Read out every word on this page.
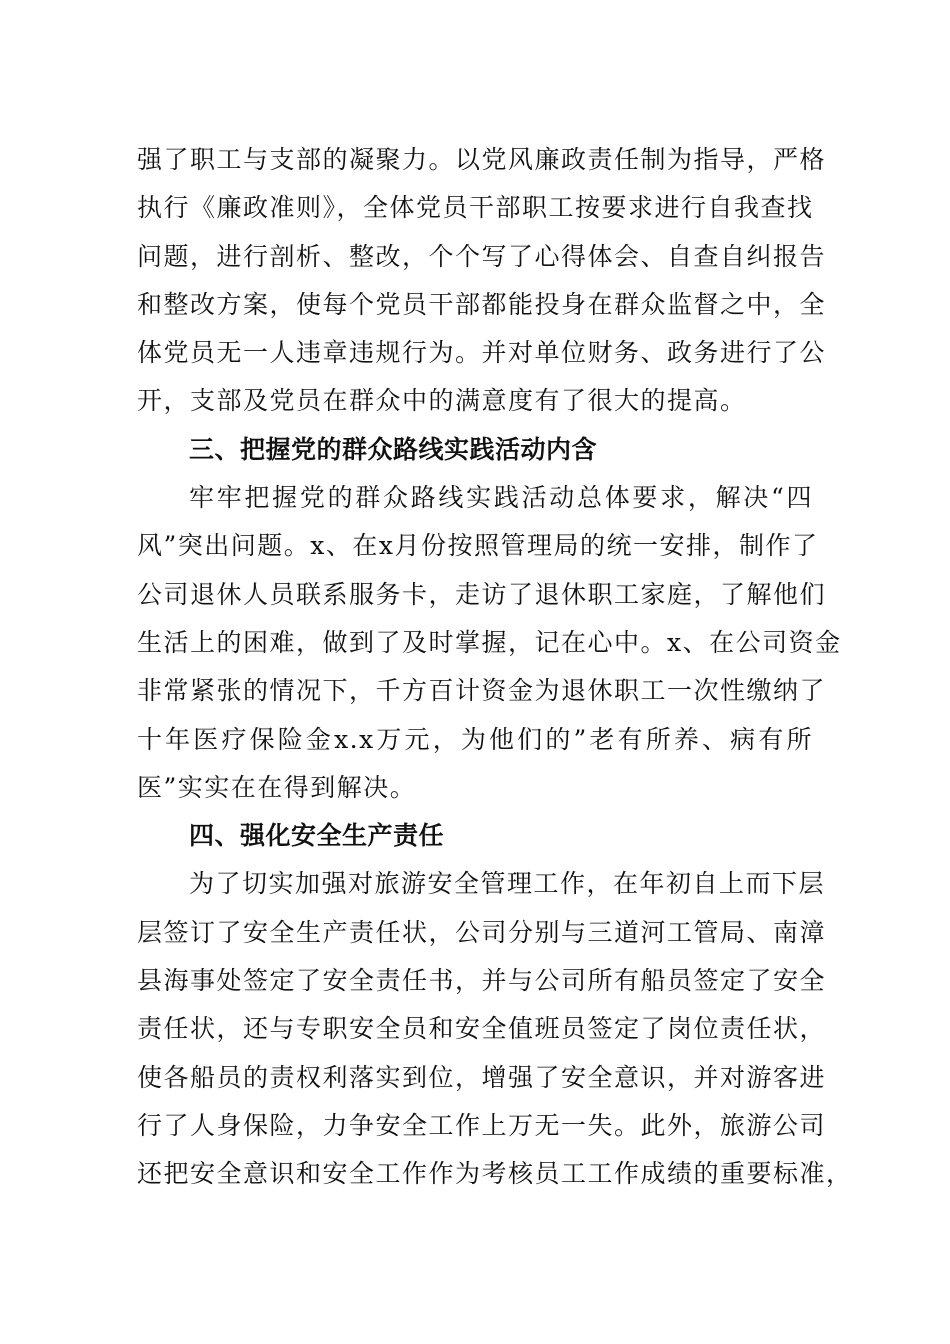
强了职工与支部的凝聚力。以党风廉政责任制为指导，严格
执行《廉政准则》，全体党员干部职工按要求进行自我查找
问题，进行剖析、整改，个个写了心得体会、自查自纠报告
和整改方案，使每个党员干部都能投身在群众监督之中，全
体党员无一人违章违规行为。并对单位财务、政务进行了公
开，支部及党员在群众中的满意度有了很大的提高。
三、把握党的群众路线实践活动内含
牢牢把握党的群众路线实践活动总体要求，解决“四
风”突出问题。x、在x月份按照管理局的统一安排，制作了
公司退休人员联系服务卡，走访了退休职工家庭，了解他们
生活上的困难，做到了及时掌握，记在心中。x、在公司资金
非常紧张的情况下，千方百计资金为退休职工一次性缴纳了
十年医疗保险金x.x万元，为他们的”老有所养、病有所
医”实实在在得到解决。
四、强化安全生产责任
为了切实加强对旅游安全管理工作，在年初自上而下层
层签订了安全生产责任状，公司分别与三道河工管局、南漳
县海事处签定了安全责任书，并与公司所有船员签定了安全
责任状，还与专职安全员和安全值班员签定了岗位责任状，
使各船员的责权利落实到位，增强了安全意识，并对游客进
行了人身保险，力争安全工作上万无一失。此外，旅游公司
还把安全意识和安全工作作为考核员工工作成绩的重要标准，
